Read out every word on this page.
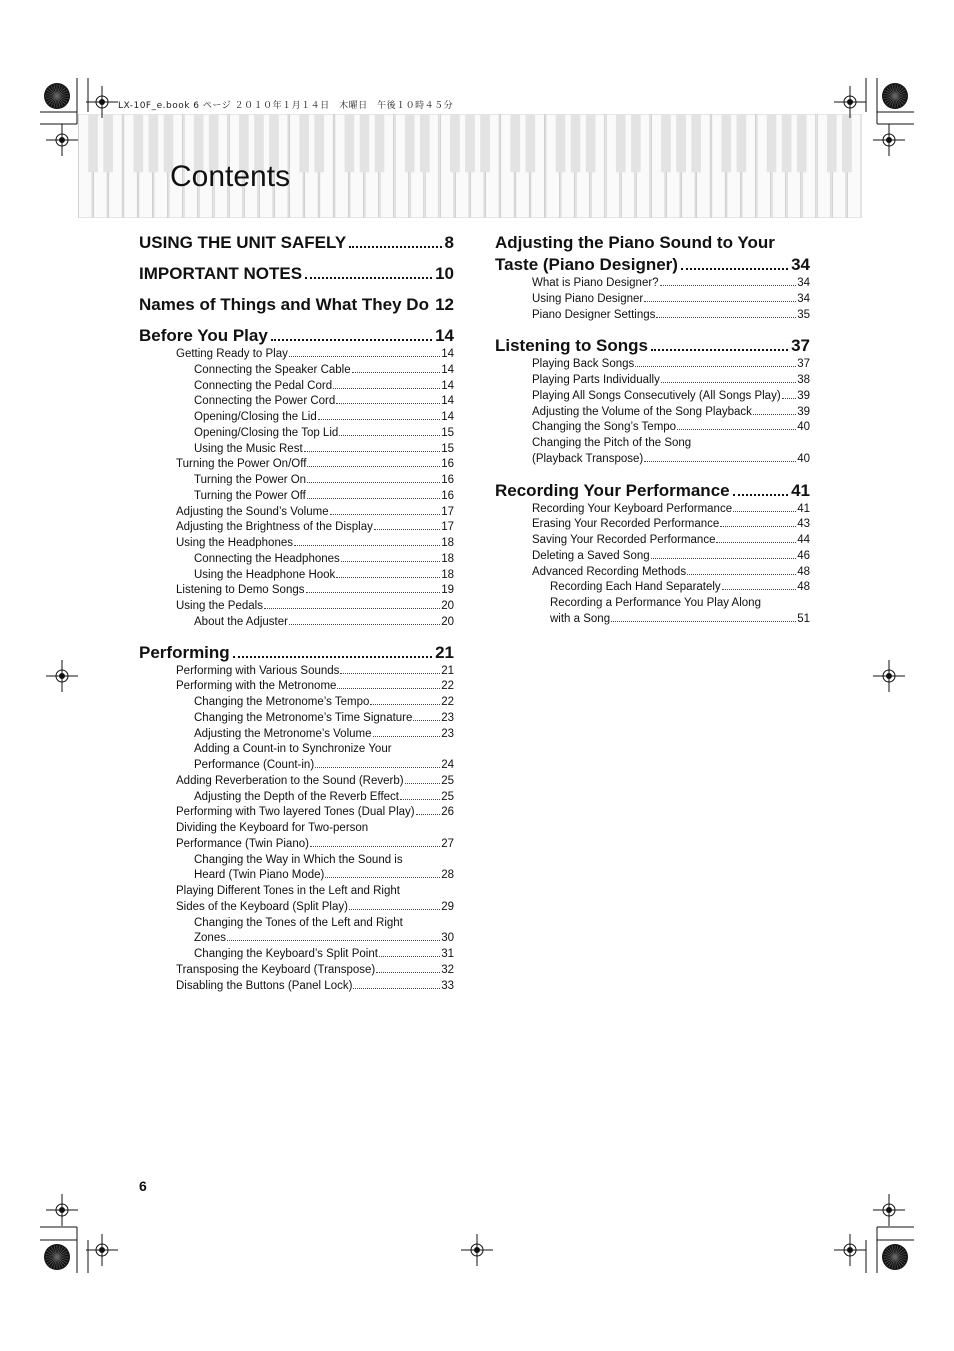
LX-10F_e.book 6 ページ ２０１０年１月１４日　木曜日　午後１０時４５分
Contents
USING THE UNIT SAFELY	8
IMPORTANT NOTES	10
Names of Things and What They Do 12
Before You Play	14
Getting Ready to Play	14
Connecting the Speaker Cable	14
Connecting the Pedal Cord	14
Connecting the Power Cord	14
Opening/Closing the Lid	14
Opening/Closing the Top Lid	15
Using the Music Rest	15
Turning the Power On/Off	16
Turning the Power On	16
Turning the Power Off	16
Adjusting the Sound’s Volume	17
Adjusting the Brightness of the Display	17
Using the Headphones	18
Connecting the Headphones	18
Using the Headphone Hook	18
Listening to Demo Songs	19
Using the Pedals	20
About the Adjuster	20
Performing	21
Performing with Various Sounds	21
Performing with the Metronome	22
Changing the Metronome’s Tempo	22
Changing the Metronome’s Time Signature	23
Adjusting the Metronome’s Volume	23
Adding a Count-in to Synchronize Your
Performance (Count-in)	24
Adding Reverberation to the Sound (Reverb)	25
Adjusting the Depth of the Reverb Effect	25
Performing with Two layered Tones (Dual Play) 26
Dividing the Keyboard for Two-person
Performance (Twin Piano)	27
Changing the Way in Which the Sound is
Heard (Twin Piano Mode)	28
Playing Different Tones in the Left and Right
Sides of the Keyboard (Split Play)	29
Changing the Tones of the Left and Right
Zones	30
Changing the Keyboard’s Split Point	31
Transposing the Keyboard (Transpose)	32
Disabling the Buttons (Panel Lock)	33
Adjusting the Piano Sound to Your
Taste (Piano Designer)	34
What is Piano Designer?	34
Using Piano Designer	34
Piano Designer Settings	35
Listening to Songs	37
Playing Back Songs	37
Playing Parts Individually	38
Playing All Songs Consecutively (All Songs Play) 39
Adjusting the Volume of the Song Playback	39
Changing the Song’s Tempo	40
Changing the Pitch of the Song
(Playback Transpose)	40
Recording Your Performance	41
Recording Your Keyboard Performance	41
Erasing Your Recorded Performance	43
Saving Your Recorded Performance	44
Deleting a Saved Song	46
Advanced Recording Methods	48
Recording Each Hand Separately	48
Recording a Performance You Play Along
with a Song	51
6
